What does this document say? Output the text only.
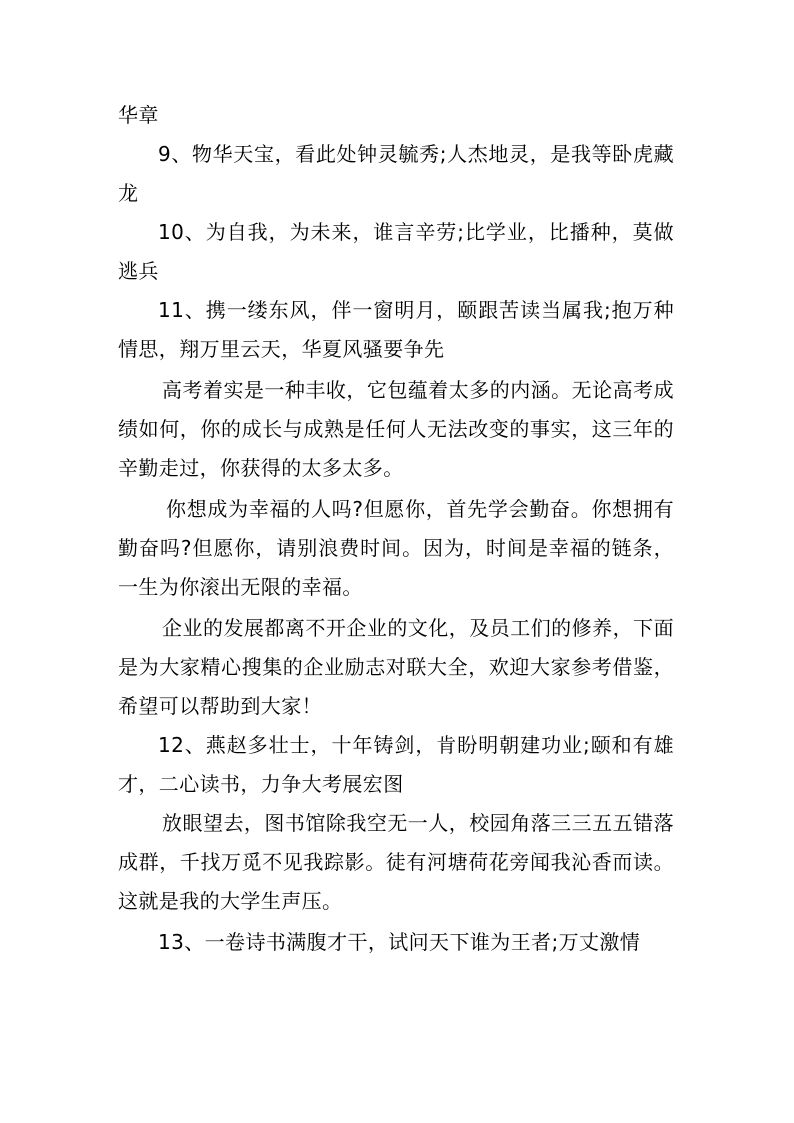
华章

9、物华天宝，看此处钟灵毓秀;人杰地灵，是我等卧虎藏龙

10、为自我，为未来，谁言辛劳;比学业，比播种，莫做逃兵

11、携一缕东风，伴一窗明月，颐跟苦读当属我;抱万种情思，翔万里云天，华夏风骚要争先

高考着实是一种丰收，它包蕴着太多的内涵。无论高考成绩如何，你的成长与成熟是任何人无法改变的事实，这三年的辛勤走过，你获得的太多太多。

你想成为幸福的人吗?但愿你，首先学会勤奋。你想拥有勤奋吗?但愿你，请别浪费时间。因为，时间是幸福的链条，一生为你滚出无限的幸福。

企业的发展都离不开企业的文化，及员工们的修养，下面是为大家精心搜集的企业励志对联大全，欢迎大家参考借鉴，希望可以帮助到大家！

12、燕赵多壮士，十年铸剑，肯盼明朝建功业;颐和有雄才，二心读书，力争大考展宏图

放眼望去，图书馆除我空无一人，校园角落三三五五错落成群，千找万觅不见我踪影。徒有河塘荷花旁闻我沁香而读。这就是我的大学生声压。

13、一卷诗书满腹才干，试问天下谁为王者;万丈激情
